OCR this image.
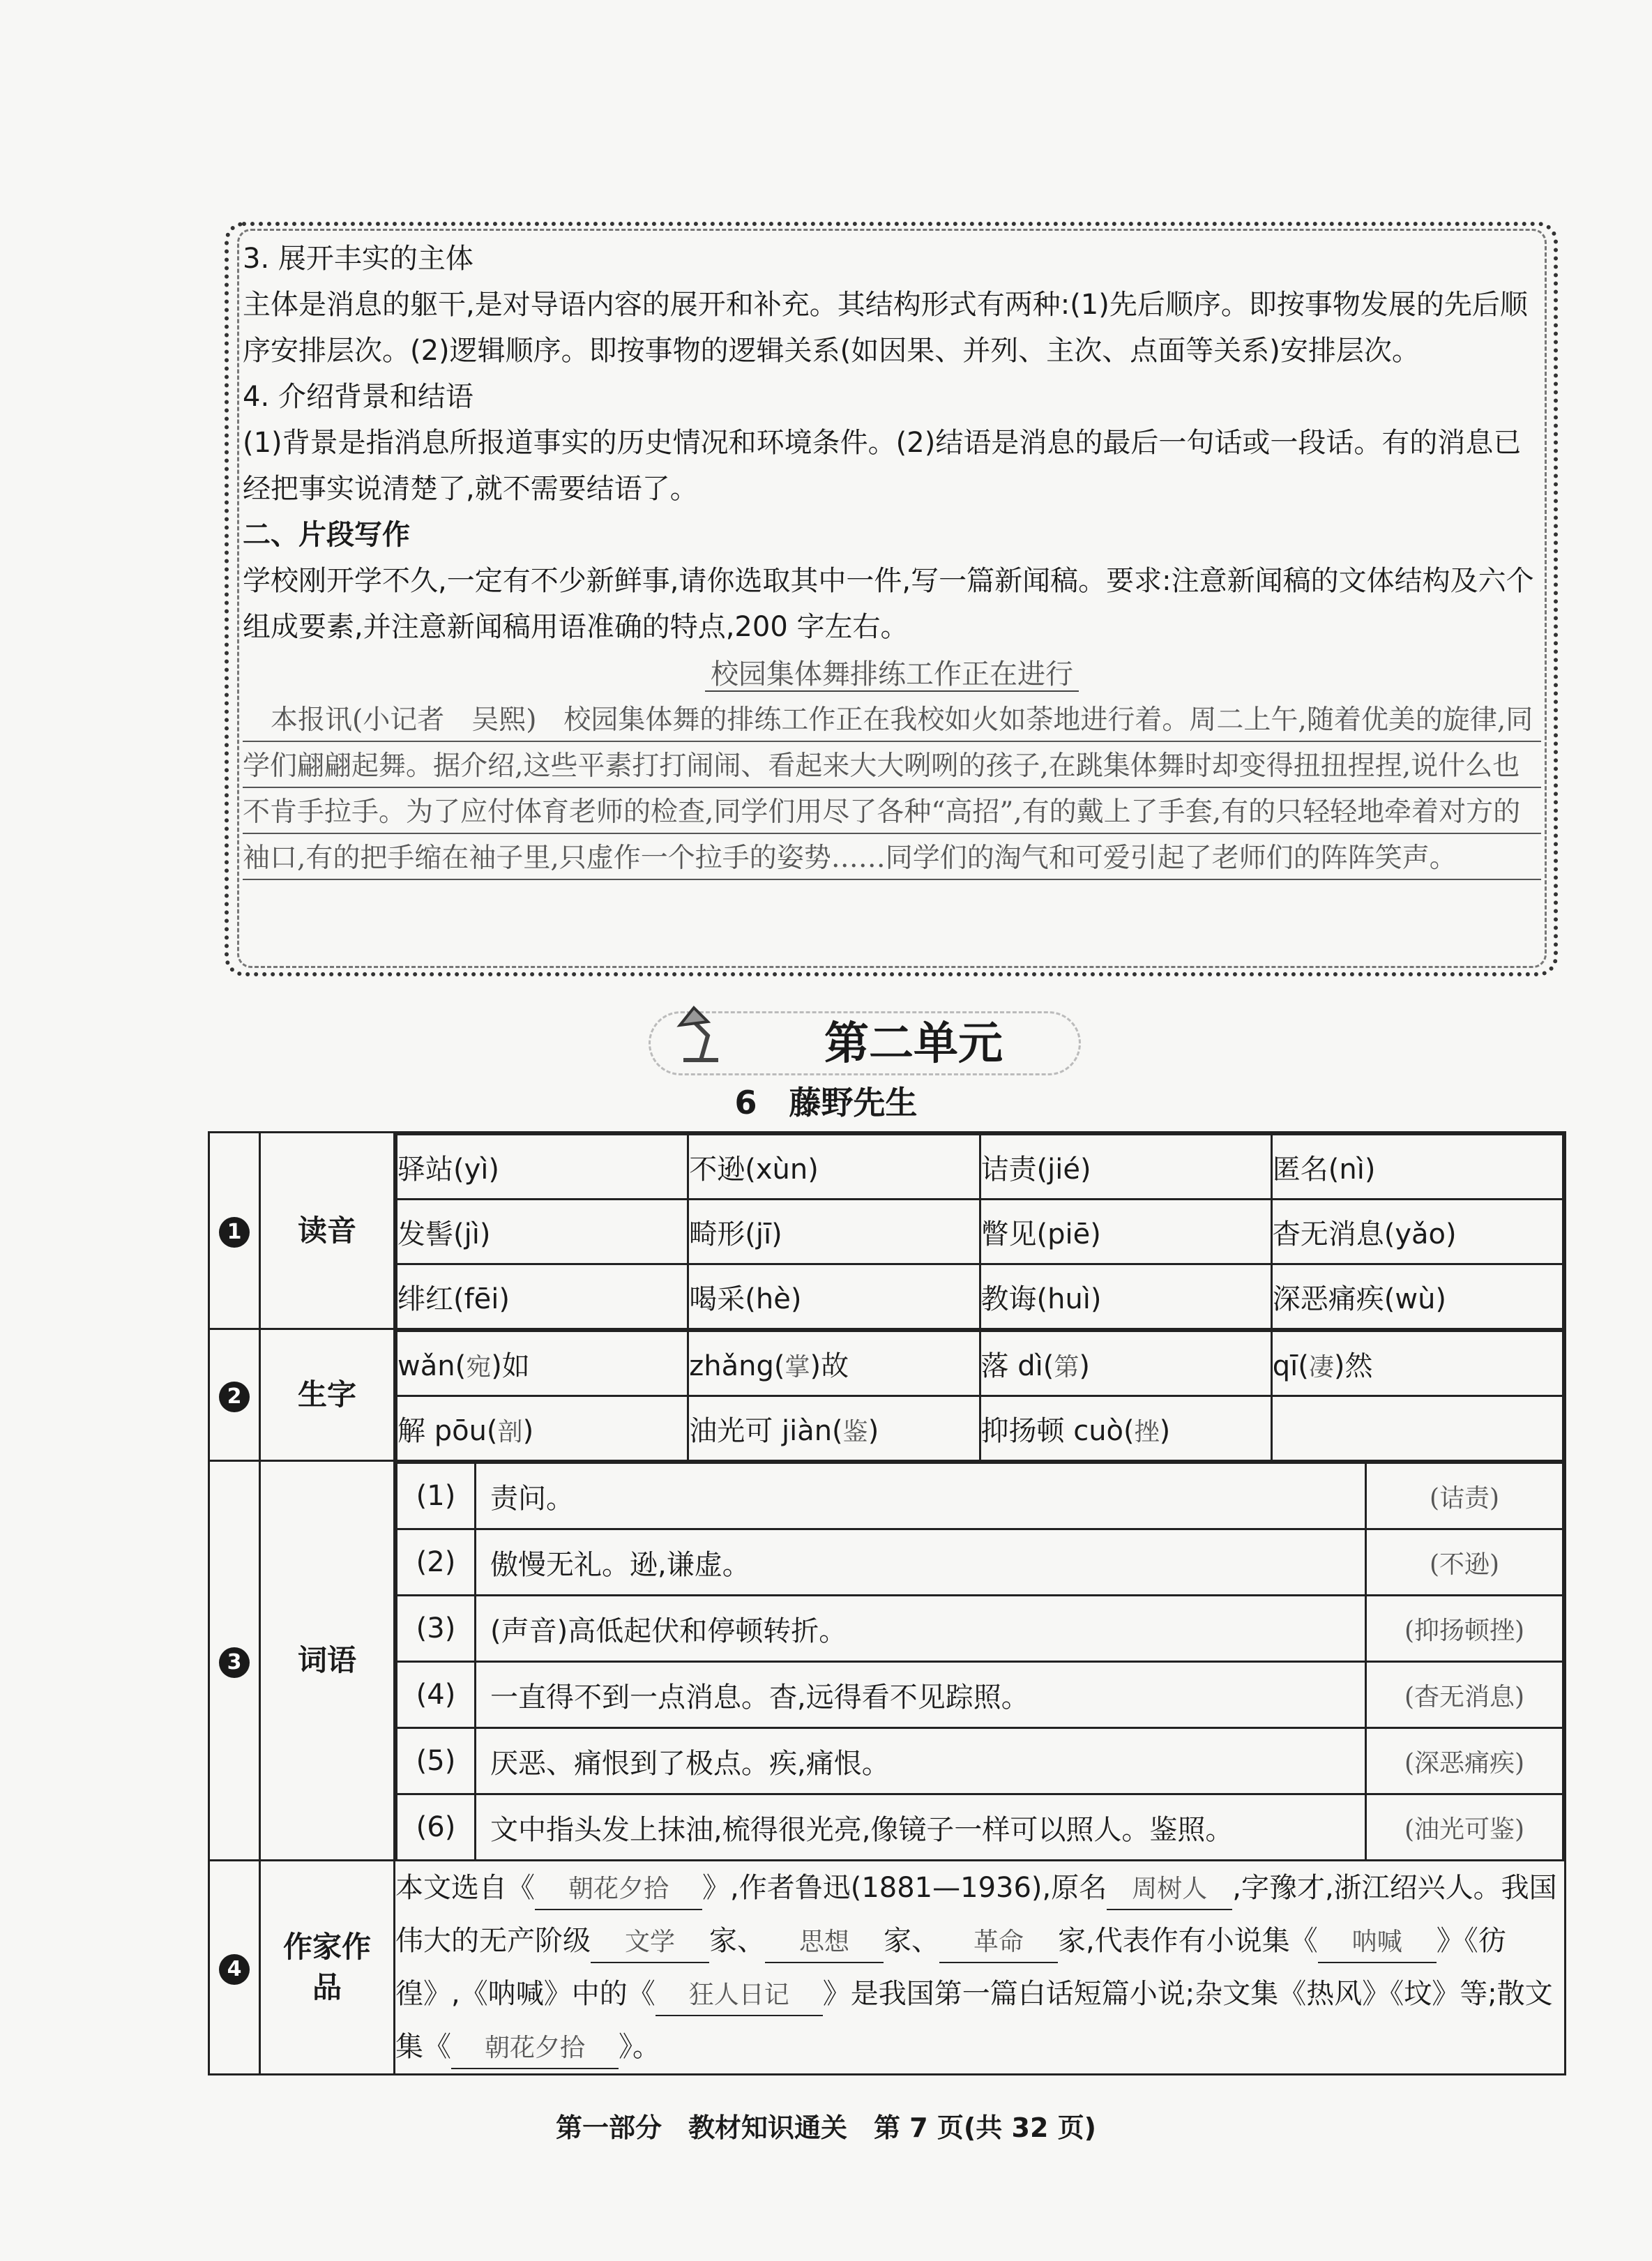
3. 展开丰实的主体

主体是消息的躯干,是对导语内容的展开和补充。其结构形式有两种:(1)先后顺序。即按事物发展的先后顺序安排层次。(2)逻辑顺序。即按事物的逻辑关系(如因果、并列、主次、点面等关系)安排层次。

4. 介绍背景和结语

(1)背景是指消息所报道事实的历史情况和环境条件。(2)结语是消息的最后一句话或一段话。有的消息已经把事实说清楚了,就不需要结语了。

二、片段写作

学校刚开学不久,一定有不少新鲜事,请你选取其中一件,写一篇新闻稿。要求:注意新闻稿的文体结构及六个组成要素,并注意新闻稿用语准确的特点,200 字左右。

校园集体舞排练工作正在进行
本报讯(小记者　吴熙)　校园集体舞的排练工作正在我校如火如荼地进行着。周二上午,随着优美的旋律,同学们翩翩起舞。据介绍,这些平素打打闹闹、看起来大大咧咧的孩子,在跳集体舞时却变得扭扭捏捏,说什么也不肯手拉手。为了应付体育老师的检查,同学们用尽了各种“高招”,有的戴上了手套,有的只轻轻地牵着对方的袖口,有的把手缩在袖子里,只虚作一个拉手的姿势……同学们的淘气和可爱引起了老师们的阵阵笑声。
第二单元
6　藤野先生
1	读音	
驿站(yì)	不逊(xùn)	诘责(jié)	匿名(nì)
发髻(jì)	畸形(jī)	瞥见(piē)	杳无消息(yǎo)
绯红(fēi)	喝采(hè)	教诲(huì)	深恶痛疾(wù)

2	生字	
wǎn(宛)如	zhǎng(掌)故	落 dì(第)	qī(凄)然
解 pōu(剖)	油光可 jiàn(鉴)	抑扬顿 cuò(挫)	

3	词语	
(1)	责问。	(诘责)
(2)	傲慢无礼。逊,谦虚。	(不逊)
(3)	(声音)高低起伏和停顿转折。	(抑扬顿挫)
(4)	一直得不到一点消息。杳,远得看不见踪照。	(杳无消息)
(5)	厌恶、痛恨到了极点。疾,痛恨。	(深恶痛疾)
(6)	文中指头发上抹油,梳得很光亮,像镜子一样可以照人。鉴照。	(油光可鉴)

4	作家作品	本文选自《 朝花夕拾 》,作者鲁迅(1881—1936),原名 周树人 ,字豫才,浙江绍兴人。我国伟大的无产阶级 文学 家、 思想 家、 革命 家,代表作有小说集《 呐喊 》《彷徨》,《呐喊》中的《 狂人日记 》是我国第一篇白话短篇小说;杂文集《热风》《坟》等;散文集《 朝花夕拾 》。
第一部分　教材知识通关　第 7 页(共 32 页)
